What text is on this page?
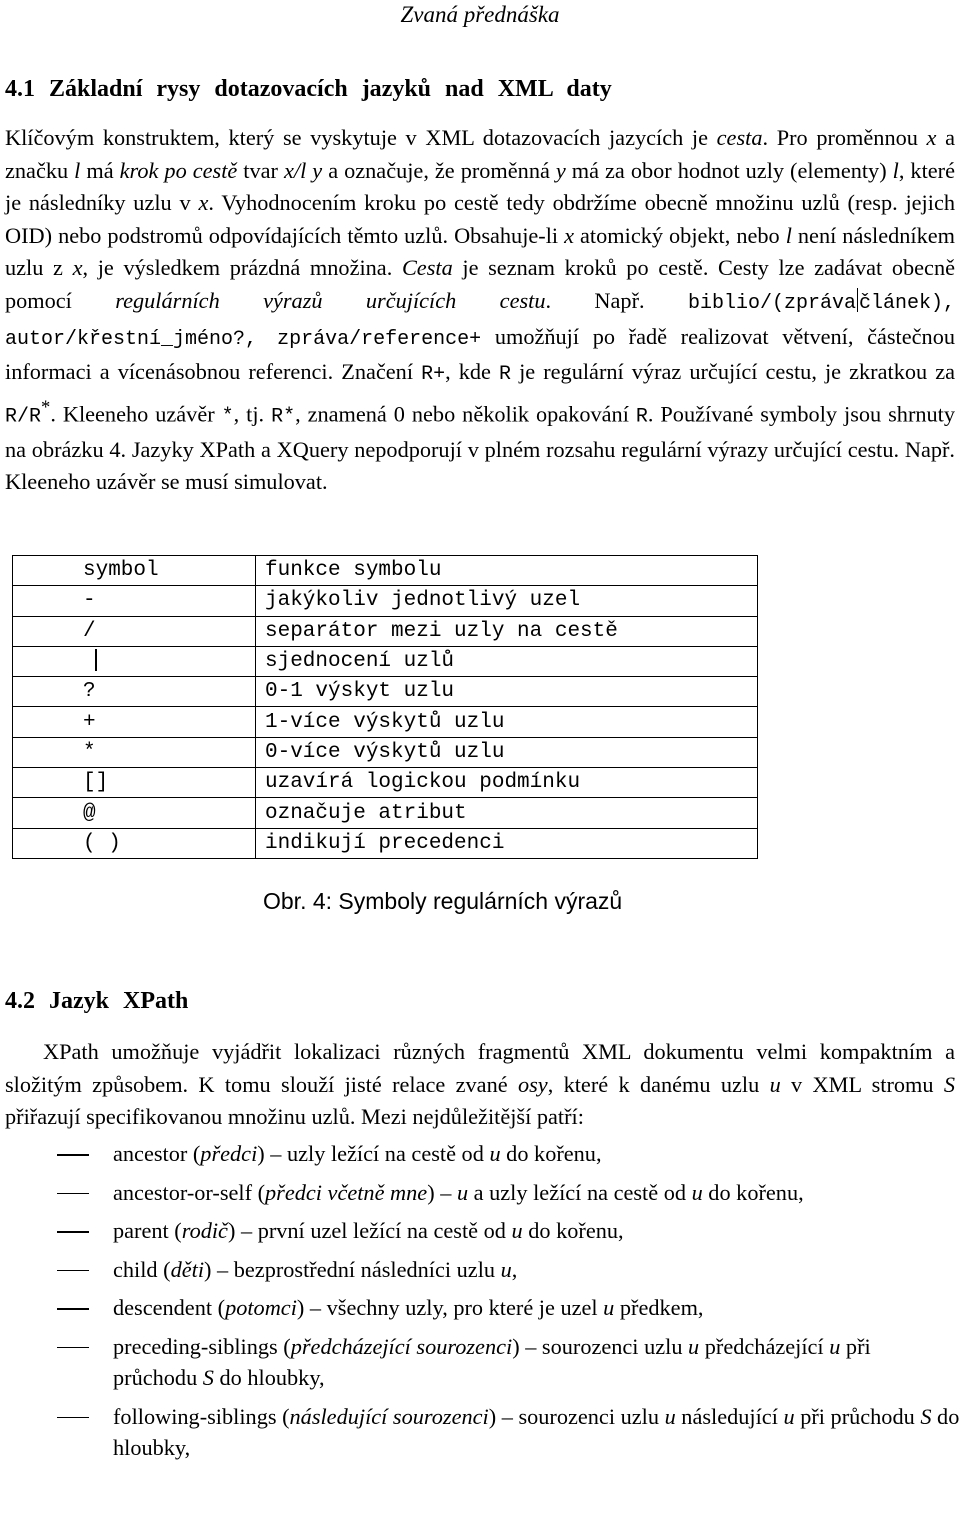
Zvaná přednáška
4.1 Základní rysy dotazovacích jazyků nad XML daty

Klíčovým konstruktem, který se vyskytuje v XML dotazovacích jazycích je cesta. Pro proměnnou x a značku l má krok po cestě tvar x/l y a označuje, že proměnná y má za obor hodnot uzly (elementy) l, které je následníky uzlu v x. Vyhodnocením kroku po cestě tedy obdržíme obecně množinu uzlů (resp. jejich OID) nebo podstromů odpovídajících těmto uzlů. Obsahuje-li x atomický objekt, nebo l není následníkem uzlu z x, je výsledkem prázdná množina. Cesta je seznam kroků po cestě. Cesty lze zadávat obecně pomocí regulárních výrazů určujících cestu. Např. biblio/(zpráva článek), autor/křestní_jméno?, zpráva/reference+ umožňují po řadě realizovat větvení, částečnou informaci a vícenásobnou referenci. Značení R+, kde R je regulární výraz určující cestu, je zkratkou za R/R*. Kleeneho uzávěr *, tj. R*, znamená 0 nebo několik opakování R. Používané symboly jsou shrnuty na obrázku 4. Jazyky XPath a XQuery nepodporují v plném rozsahu regulární výrazy určující cestu. Např. Kleeneho uzávěr se musí simulovat.

symbol	funkce symbolu
-	jakýkoliv jednotlivý uzel
/	separátor mezi uzly na cestě
	sjednocení uzlů
?	0-1 výskyt uzlu
+	1-více výskytů uzlu
*	0-více výskytů uzlu
[]	uzavírá logickou podmínku
@	označuje atribut
( )	indikují precedenci
Obr. 4: Symboly regulárních výrazů
4.2 Jazyk XPath

XPath umožňuje vyjádřit lokalizaci různých fragmentů XML dokumentu velmi kompaktním a složitým způsobem. K tomu slouží jisté relace zvané osy, které k danému uzlu u v XML stromu S přiřazují specifikovanou množinu uzlů. Mezi nejdůležitější patří:

ancestor (předci) – uzly ležící na cestě od u do kořenu,
ancestor-or-self (předci včetně mne) – u a uzly ležící na cestě od u do kořenu,
parent (rodič) – první uzel ležící na cestě od u do kořenu,
child (děti) – bezprostřední následníci uzlu u,
descendent (potomci) – všechny uzly, pro které je uzel u předkem,
preceding-siblings (předcházející sourozenci) – sourozenci uzlu u předcházející u při průchodu S do hloubky,
following-siblings (následující sourozenci) – sourozenci uzlu u následující u při průchodu S do hloubky,
